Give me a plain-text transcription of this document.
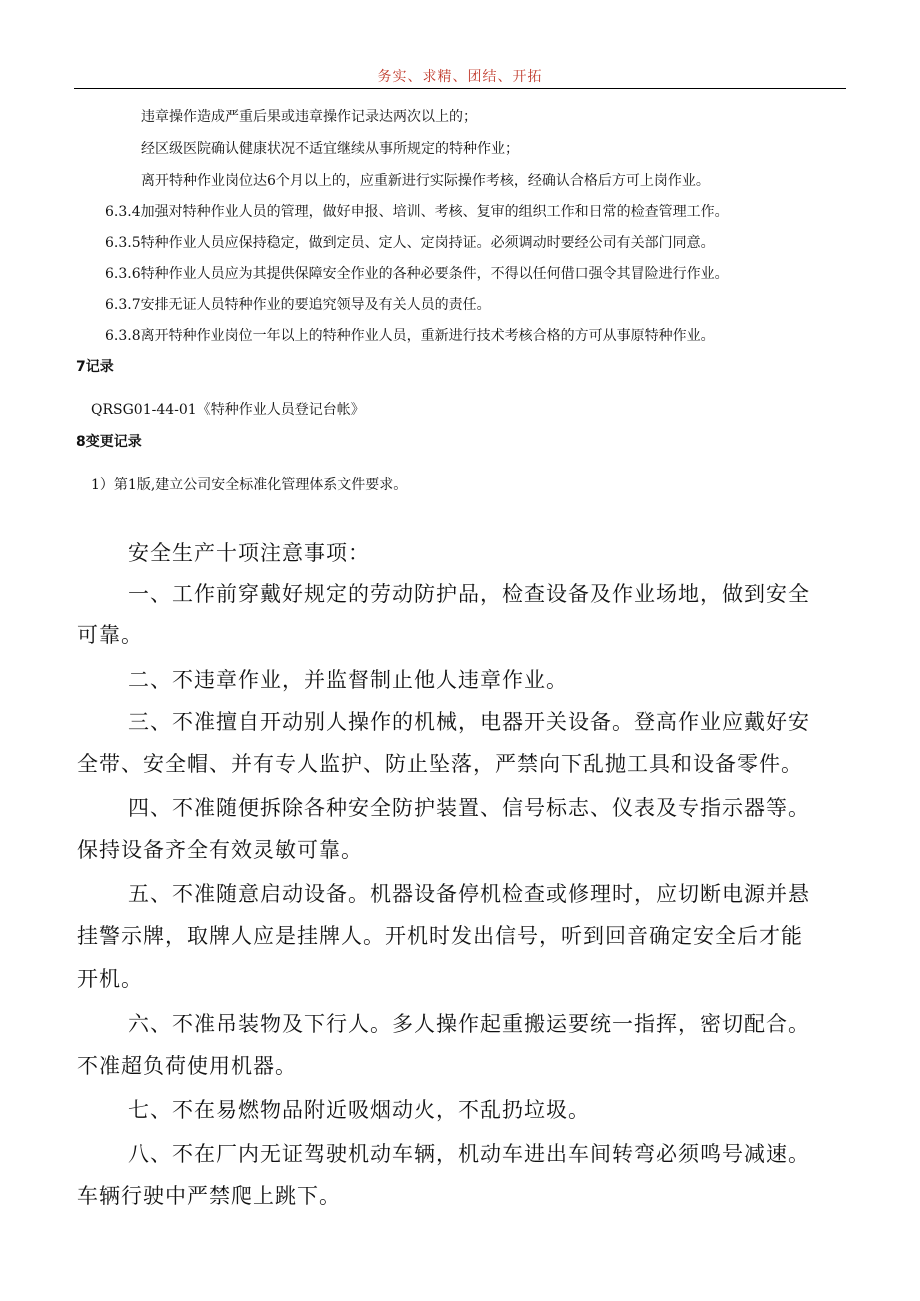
务实、求精、团结、开拓
违章操作造成严重后果或违章操作记录达两次以上的；
经区级医院确认健康状况不适宜继续从事所规定的特种作业；
离开特种作业岗位达6个月以上的，应重新进行实际操作考核，经确认合格后方可上岗作业。
6.3.4加强对特种作业人员的管理，做好申报、培训、考核、复审的组织工作和日常的检查管理工作。
6.3.5特种作业人员应保持稳定，做到定员、定人、定岗持证。必须调动时要经公司有关部门同意。
6.3.6特种作业人员应为其提供保障安全作业的各种必要条件，不得以任何借口强令其冒险进行作业。
6.3.7安排无证人员特种作业的要追究领导及有关人员的责任。
6.3.8离开特种作业岗位一年以上的特种作业人员，重新进行技术考核合格的方可从事原特种作业。
7记录
QRSG01-44-01《特种作业人员登记台帐》
8变更记录
1）第1版,建立公司安全标准化管理体系文件要求。
安全生产十项注意事项：
一、工作前穿戴好规定的劳动防护品，检查设备及作业场地，做到安全
可靠。
二、不违章作业，并监督制止他人违章作业。
三、不准擅自开动别人操作的机械，电器开关设备。登高作业应戴好安
全带、安全帽、并有专人监护、防止坠落，严禁向下乱抛工具和设备零件。
四、不准随便拆除各种安全防护装置、信号标志、仪表及专指示器等。
保持设备齐全有效灵敏可靠。
五、不准随意启动设备。机器设备停机检查或修理时，应切断电源并悬
挂警示牌，取牌人应是挂牌人。开机时发出信号，听到回音确定安全后才能
开机。
六、不准吊装物及下行人。多人操作起重搬运要统一指挥，密切配合。
不准超负荷使用机器。
七、不在易燃物品附近吸烟动火，不乱扔垃圾。
八、不在厂内无证驾驶机动车辆，机动车进出车间转弯必须鸣号减速。
车辆行驶中严禁爬上跳下。
